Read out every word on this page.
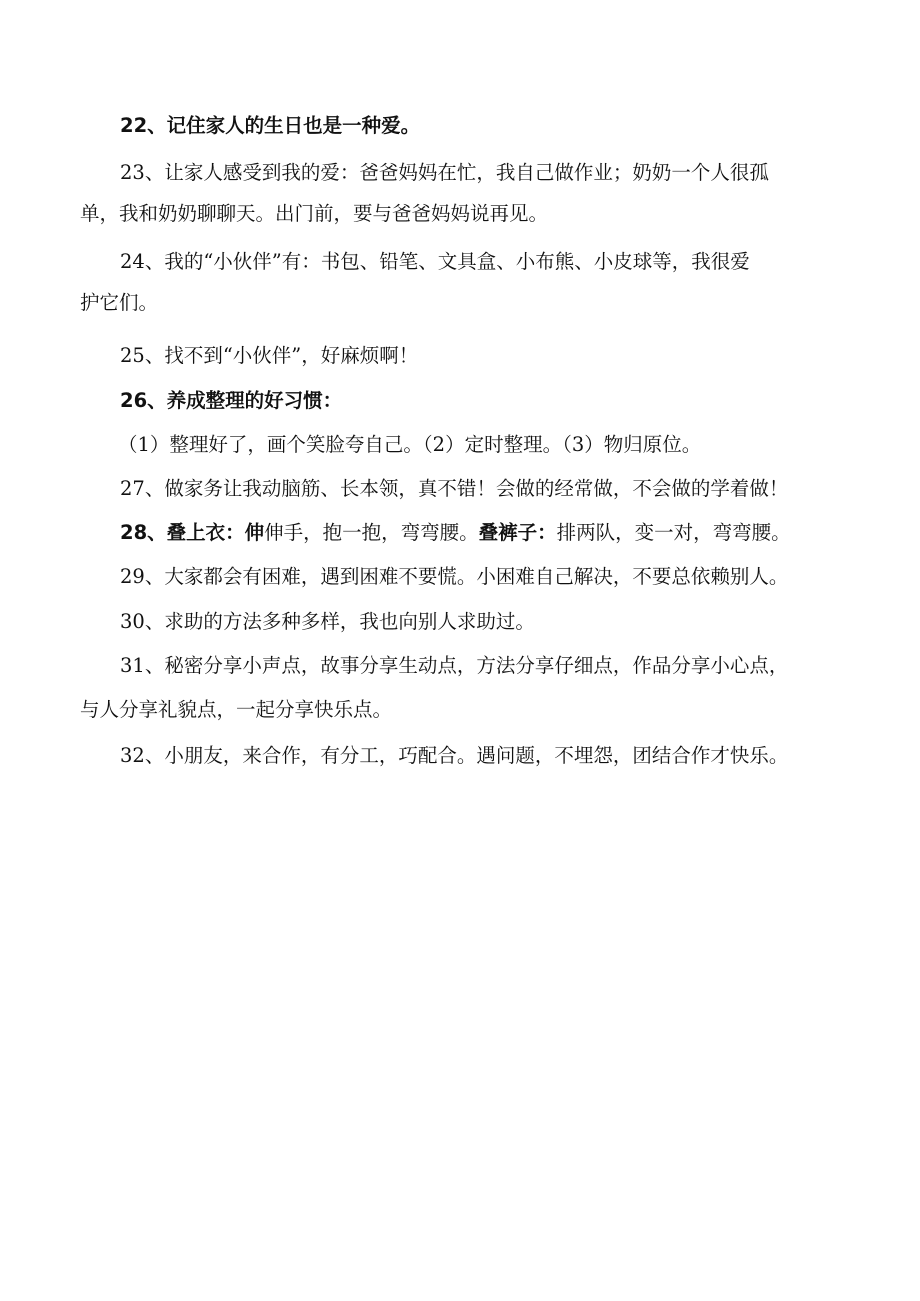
22、记住家人的生日也是一种爱。

23、让家人感受到我的爱：爸爸妈妈在忙，我自己做作业；奶奶一个人很孤

单，我和奶奶聊聊天。出门前，要与爸爸妈妈说再见。

24、我的“小伙伴”有：书包、铅笔、文具盒、小布熊、小皮球等，我很爱

护它们。

25、找不到“小伙伴”，好麻烦啊！

26、养成整理的好习惯：

（1）整理好了，画个笑脸夸自己。（2）定时整理。（3）物归原位。

27、做家务让我动脑筋、长本领，真不错！会做的经常做，不会做的学着做！

28、叠上衣：伸伸手，抱一抱，弯弯腰。叠裤子：排两队，变一对，弯弯腰。

29、大家都会有困难，遇到困难不要慌。小困难自己解决，不要总依赖别人。

30、求助的方法多种多样，我也向别人求助过。

31、秘密分享小声点，故事分享生动点，方法分享仔细点，作品分享小心点，

与人分享礼貌点，一起分享快乐点。

32、小朋友，来合作，有分工，巧配合。遇问题，不埋怨，团结合作才快乐。
